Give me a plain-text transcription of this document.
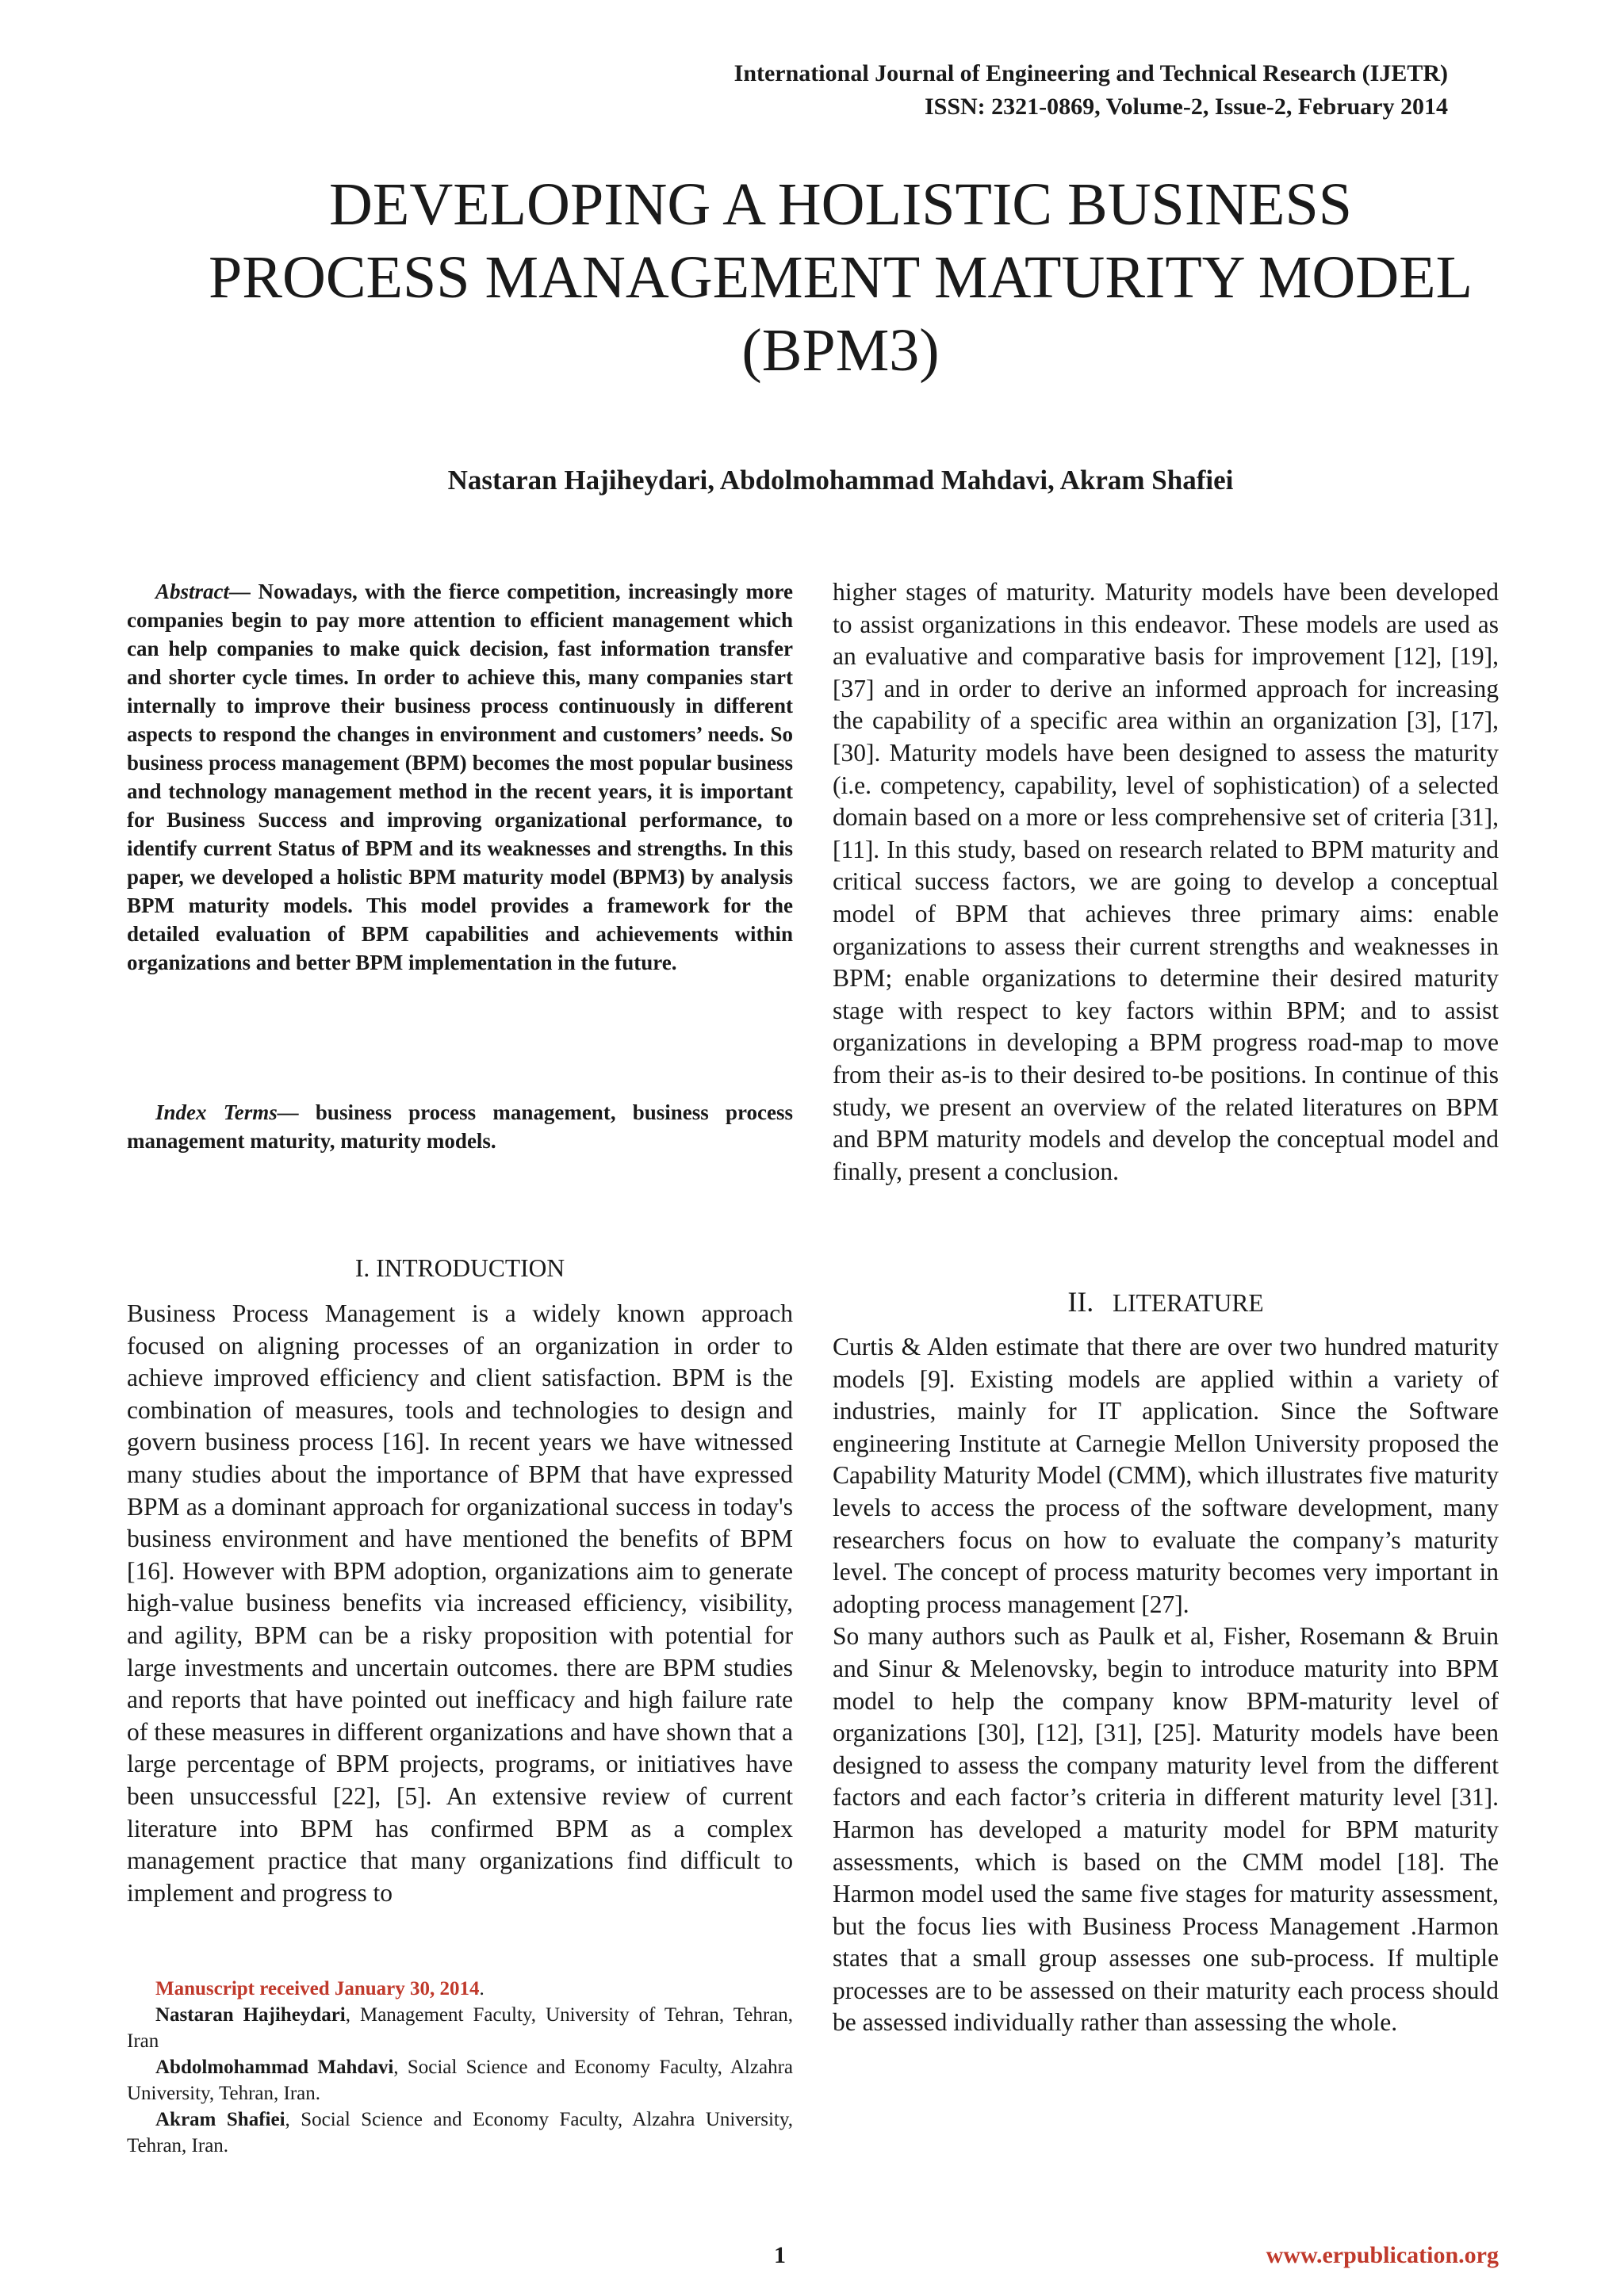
International Journal of Engineering and Technical Research (IJETR)
ISSN: 2321-0869, Volume-2, Issue-2, February 2014
DEVELOPING A HOLISTIC BUSINESS
PROCESS MANAGEMENT MATURITY MODEL
(BPM3)
Nastaran Hajiheydari, Abdolmohammad Mahdavi, Akram Shafiei
Abstract— Nowadays, with the fierce competition, increasingly more companies begin to pay more attention to efficient management which can help companies to make quick decision, fast information transfer and shorter cycle times. In order to achieve this, many companies start internally to improve their business process continuously in different aspects to respond the changes in environment and customers’ needs. So business process management (BPM) becomes the most popular business and technology management method in the recent years, it is important for Business Success and improving organizational performance, to identify current Status of BPM and its weaknesses and strengths. In this paper, we developed a holistic BPM maturity model (BPM3) by analysis BPM maturity models. This model provides a framework for the detailed evaluation of BPM capabilities and achievements within organizations and better BPM implementation in the future.
Index Terms— business process management, business process management maturity, maturity models.
higher stages of maturity. Maturity models have been developed to assist organizations in this endeavor. These models are used as an evaluative and comparative basis for improvement [12], [19], [37] and in order to derive an informed approach for increasing the capability of a specific area within an organization [3], [17], [30]. Maturity models have been designed to assess the maturity (i.e. competency, capability, level of sophistication) of a selected domain based on a more or less comprehensive set of criteria [31], [11]. In this study, based on research related to BPM maturity and critical success factors, we are going to develop a conceptual model of BPM that achieves three primary aims: enable organizations to assess their current strengths and weaknesses in BPM; enable organizations to determine their desired maturity stage with respect to key factors within BPM; and to assist organizations in developing a BPM progress road-map to move from their as-is to their desired to-be positions. In continue of this study, we present an overview of the related literatures on BPM and BPM maturity models and develop the conceptual model and finally, present a conclusion.
I. INTRODUCTION
Business Process Management is a widely known approach focused on aligning processes of an organization in order to achieve improved efficiency and client satisfaction. BPM is the combination of measures, tools and technologies to design and govern business process [16]. In recent years we have witnessed many studies about the importance of BPM that have expressed BPM as a dominant approach for organizational success in today's business environment and have mentioned the benefits of BPM [16]. However with BPM adoption, organizations aim to generate high-value business benefits via increased efficiency, visibility, and agility, BPM can be a risky proposition with potential for large investments and uncertain outcomes. there are BPM studies and reports that have pointed out inefficacy and high failure rate of these measures in different organizations and have shown that a large percentage of BPM projects, programs, or initiatives have been unsuccessful [22], [5]. An extensive review of current literature into BPM has confirmed BPM as a complex management practice that many organizations find difficult to implement and progress to
II. LITERATURE

Curtis & Alden estimate that there are over two hundred maturity models [9]. Existing models are applied within a variety of industries, mainly for IT application. Since the Software engineering Institute at Carnegie Mellon University proposed the Capability Maturity Model (CMM), which illustrates five maturity levels to access the process of the software development, many researchers focus on how to evaluate the company’s maturity level. The concept of process maturity becomes very important in adopting process management [27].

So many authors such as Paulk et al, Fisher, Rosemann & Bruin and Sinur & Melenovsky, begin to introduce maturity into BPM model to help the company know BPM-maturity level of organizations [30], [12], [31], [25]. Maturity models have been designed to assess the company maturity level from the different factors and each factor’s criteria in different maturity level [31]. Harmon has developed a maturity model for BPM maturity assessments, which is based on the CMM model [18]. The Harmon model used the same five stages for maturity assessment, but the focus lies with Business Process Management .Harmon states that a small group assesses one sub-process. If multiple processes are to be assessed on their maturity each process should be assessed individually rather than assessing the whole.

Manuscript received January 30, 2014.

Nastaran Hajiheydari, Management Faculty, University of Tehran, Tehran, Iran

Abdolmohammad Mahdavi, Social Science and Economy Faculty, Alzahra University, Tehran, Iran.

Akram Shafiei, Social Science and Economy Faculty, Alzahra University, Tehran, Iran.

1	www.erpublication.org
